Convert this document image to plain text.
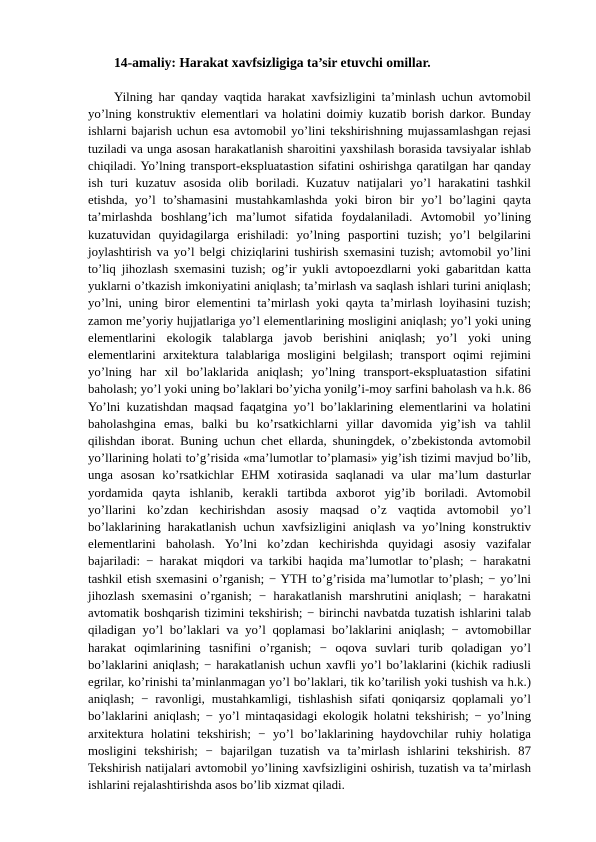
14-amaliy: Harakat xavfsizligiga ta’sir etuvchi omillar.

Yilning har qanday vaqtida harakat xavfsizligini ta’minlash uchun avtomobil yo’lning konstruktiv elementlari va holatini doimiy kuzatib borish darkor. Bunday ishlarni bajarish uchun esa avtomobil yo’lini tekshirishning mujassamlashgan rejasi tuziladi va unga asosan harakatlanish sharoitini yaxshilash borasida tavsiyalar ishlab chiqiladi. Yo’lning transport-ekspluatastion sifatini oshirishga qaratilgan har qanday ish turi kuzatuv asosida olib boriladi. Kuzatuv natijalari yo’l harakatini tashkil etishda, yo’l to’shamasini mustahkamlashda yoki biron bir yo’l bo’lagini qayta ta’mirlashda boshlang’ich ma’lumot sifatida foydalaniladi. Avtomobil yo’lining kuzatuvidan quyidagilarga erishiladi: yo’lning pasportini tuzish; yo’l belgilarini joylashtirish va yo’l belgi chiziqlarini tushirish sxemasini tuzish; avtomobil yo’lini to’liq jihozlash sxemasini tuzish; og’ir yukli avtopoezdlarni yoki gabaritdan katta yuklarni o’tkazish imkoniyatini aniqlash; ta’mirlash va saqlash ishlari turini aniqlash; yo’lni, uning biror elementini ta’mirlash yoki qayta ta’mirlash loyihasini tuzish; zamon me’yoriy hujjatlariga yo’l elementlarining mosligini aniqlash; yo’l yoki uning elementlarini ekologik talablarga javob berishini aniqlash; yo’l yoki uning elementlarini arxitektura talablariga mosligini belgilash; transport oqimi rejimini yo’lning har xil bo’laklarida aniqlash; yo’lning transport-ekspluatastion sifatini baholash; yo’l yoki uning bo’laklari bo’yicha yonilg’i-moy sarfini baholash va h.k. 86 Yo’lni kuzatishdan maqsad faqatgina yo’l bo’laklarining elementlarini va holatini baholashgina emas, balki bu ko’rsatkichlarni yillar davomida yig’ish va tahlil qilishdan iborat. Buning uchun chet ellarda, shuningdek, o’zbekistonda avtomobil yo’llarining holati to’g’risida «ma’lumotlar to’plamasi» yig’ish tizimi mavjud bo’lib, unga asosan ko’rsatkichlar EHM xotirasida saqlanadi va ular ma’lum dasturlar yordamida qayta ishlanib, kerakli tartibda axborot yig’ib boriladi. Avtomobil yo’llarini ko’zdan kechirishdan asosiy maqsad o’z vaqtida avtomobil yo’l bo’laklarining harakatlanish uchun xavfsizligini aniqlash va yo’lning konstruktiv elementlarini baholash. Yo’lni ko’zdan kechirishda quyidagi asosiy vazifalar bajariladi: − harakat miqdori va tarkibi haqida ma’lumotlar to’plash; − harakatni tashkil etish sxemasini o’rganish; − YTH to’g’risida ma’lumotlar to’plash; − yo’lni jihozlash sxemasini o’rganish; − harakatlanish marshrutini aniqlash; − harakatni avtomatik boshqarish tizimini tekshirish; − birinchi navbatda tuzatish ishlarini talab qiladigan yo’l bo’laklari va yo’l qoplamasi bo’laklarini aniqlash; − avtomobillar harakat oqimlarining tasnifini o’rganish; − oqova suvlari turib qoladigan yo’l bo’laklarini aniqlash; − harakatlanish uchun xavfli yo’l bo’laklarini (kichik radiusli egrilar, ko’rinishi ta’minlanmagan yo’l bo’laklari, tik ko’tarilish yoki tushish va h.k.) aniqlash; − ravonligi, mustahkamligi, tishlashish sifati qoniqarsiz qoplamali yo’l bo’laklarini aniqlash; − yo’l mintaqasidagi ekologik holatni tekshirish; − yo’lning arxitektura holatini tekshirish; − yo’l bo’laklarining haydovchilar ruhiy holatiga mosligini tekshirish; − bajarilgan tuzatish va ta’mirlash ishlarini tekshirish. 87 Tekshirish natijalari avtomobil yo’lining xavfsizligini oshirish, tuzatish va ta’mirlash ishlarini rejalashtirishda asos bo’lib xizmat qiladi.
